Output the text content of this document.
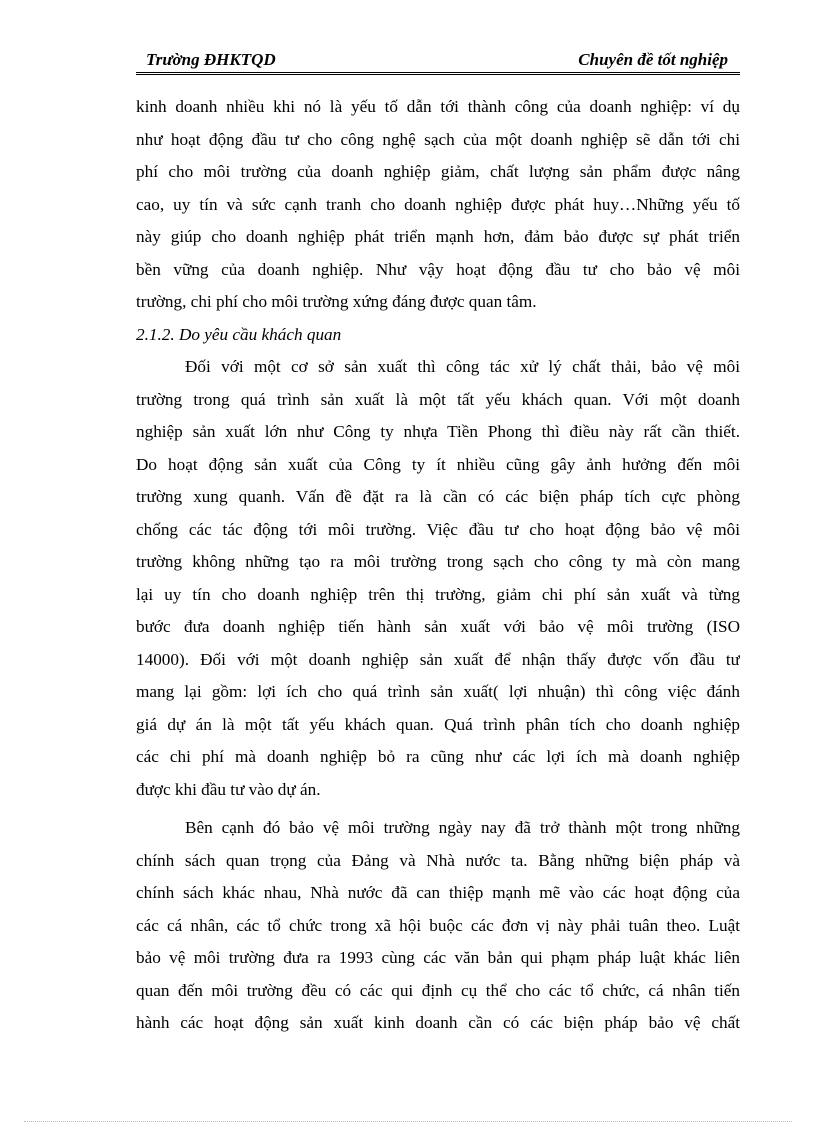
Trường ĐHKTQD	Chuyên đề tốt nghiệp
kinh doanh nhiều khi nó là yếu tố dẫn tới thành công của doanh nghiệp: ví dụ
như hoạt động đầu tư cho công nghệ sạch của một doanh nghiệp sẽ dẫn tới chi
phí cho môi trường của doanh nghiệp giảm, chất lượng sản phẩm được nâng
cao, uy tín và sức cạnh tranh cho doanh nghiệp được phát huy…Những yếu tố
này giúp cho doanh nghiệp phát triển mạnh hơn, đảm bảo được sự phát triển
bền vững của doanh nghiệp. Như vậy hoạt động đầu tư cho bảo vệ môi
trường, chi phí cho môi trường xứng đáng được quan tâm.
2.1.2. Do yêu cầu khách quan
Đối với một cơ sở sản xuất thì công tác xử lý chất thải, bảo vệ môi
trường trong quá trình sản xuất là một tất yếu khách quan. Với một doanh
nghiệp sản xuất lớn như Công ty nhựa Tiền Phong thì điều này rất cần thiết.
Do hoạt động sản xuất của Công ty ít nhiều cũng gây ảnh hưởng đến môi
trường xung quanh. Vấn đề đặt ra là cần có các biện pháp tích cực phòng
chống các tác động tới môi trường. Việc đầu tư cho hoạt động bảo vệ môi
trường không những tạo ra môi trường trong sạch cho công ty mà còn mang
lại uy tín cho doanh nghiệp trên thị trường, giảm chi phí sản xuất và từng
bước đưa doanh nghiệp tiến hành sản xuất với bảo vệ môi trường (ISO
14000). Đối với một doanh nghiệp sản xuất để nhận thấy được vốn đầu tư
mang lại gồm: lợi ích cho quá trình sản xuất( lợi nhuận) thì công việc đánh
giá dự án là một tất yếu khách quan. Quá trình phân tích cho doanh nghiệp
các chi phí mà doanh nghiệp bỏ ra cũng như các lợi ích mà doanh nghiệp
được khi đầu tư vào dự án.
Bên cạnh đó bảo vệ môi trường ngày nay đã trở thành một trong những
chính sách quan trọng của Đảng và Nhà nước ta. Bằng những biện pháp và
chính sách khác nhau, Nhà nước đã can thiệp mạnh mẽ vào các hoạt động của
các cá nhân, các tổ chức trong xã hội buộc các đơn vị này phải tuân theo. Luật
bảo vệ môi trường đưa ra 1993 cùng các văn bản qui phạm pháp luật khác liên
quan đến môi trường đều có các qui định cụ thể cho các tổ chức, cá nhân tiến
hành các hoạt động sản xuất kinh doanh cần có các biện pháp bảo vệ chất
